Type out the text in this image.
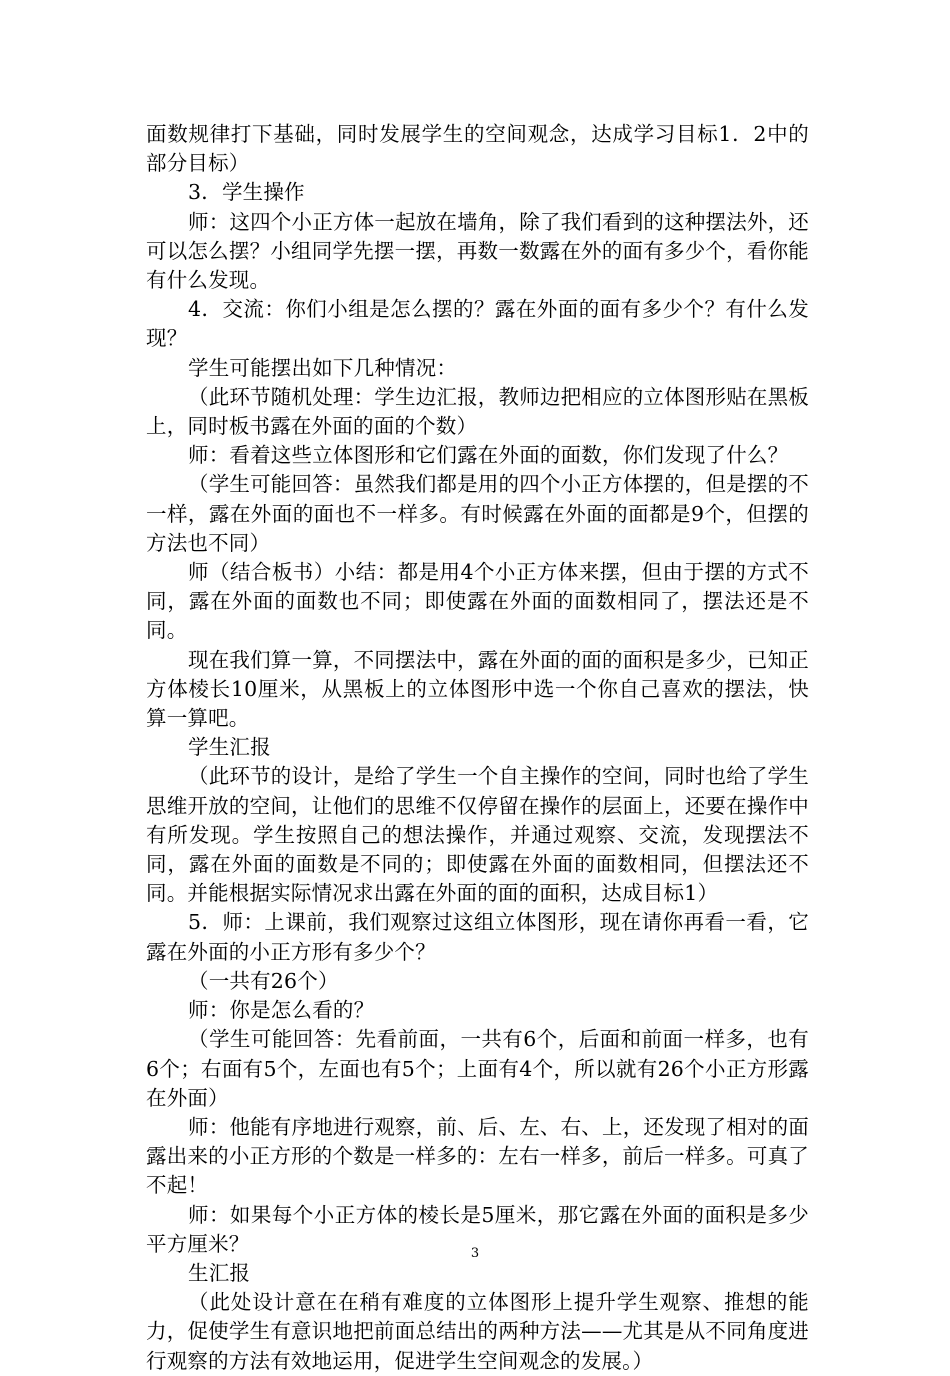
面数规律打下基础，同时发展学生的空间观念，达成学习目标1．2中的部分目标）

3．学生操作

师：这四个小正方体一起放在墙角，除了我们看到的这种摆法外，还可以怎么摆？小组同学先摆一摆，再数一数露在外的面有多少个，看你能有什么发现。

4．交流：你们小组是怎么摆的？露在外面的面有多少个？有什么发现？

学生可能摆出如下几种情况：

（此环节随机处理：学生边汇报，教师边把相应的立体图形贴在黑板上，同时板书露在外面的面的个数）

师：看着这些立体图形和它们露在外面的面数，你们发现了什么？

（学生可能回答：虽然我们都是用的四个小正方体摆的，但是摆的不一样，露在外面的面也不一样多。有时候露在外面的面都是9个，但摆的方法也不同）

师（结合板书）小结：都是用4个小正方体来摆，但由于摆的方式不同，露在外面的面数也不同；即使露在外面的面数相同了，摆法还是不同。

现在我们算一算，不同摆法中，露在外面的面的面积是多少，已知正方体棱长10厘米，从黑板上的立体图形中选一个你自己喜欢的摆法，快算一算吧。

学生汇报

（此环节的设计，是给了学生一个自主操作的空间，同时也给了学生思维开放的空间，让他们的思维不仅停留在操作的层面上，还要在操作中有所发现。学生按照自己的想法操作，并通过观察、交流，发现摆法不同，露在外面的面数是不同的；即使露在外面的面数相同，但摆法还不同。并能根据实际情况求出露在外面的面的面积，达成目标1）

5．师：上课前，我们观察过这组立体图形，现在请你再看一看，它露在外面的小正方形有多少个？

（一共有26个）

师：你是怎么看的？

（学生可能回答：先看前面，一共有6个，后面和前面一样多，也有6个；右面有5个，左面也有5个；上面有4个，所以就有26个小正方形露在外面）

师：他能有序地进行观察，前、后、左、右、上，还发现了相对的面露出来的小正方形的个数是一样多的：左右一样多，前后一样多。可真了不起！

师：如果每个小正方体的棱长是5厘米，那它露在外面的面积是多少平方厘米？

生汇报

（此处设计意在在稍有难度的立体图形上提升学生观察、推想的能力，促使学生有意识地把前面总结出的两种方法——尤其是从不同角度进行观察的方法有效地运用，促进学生空间观念的发展。）

3
